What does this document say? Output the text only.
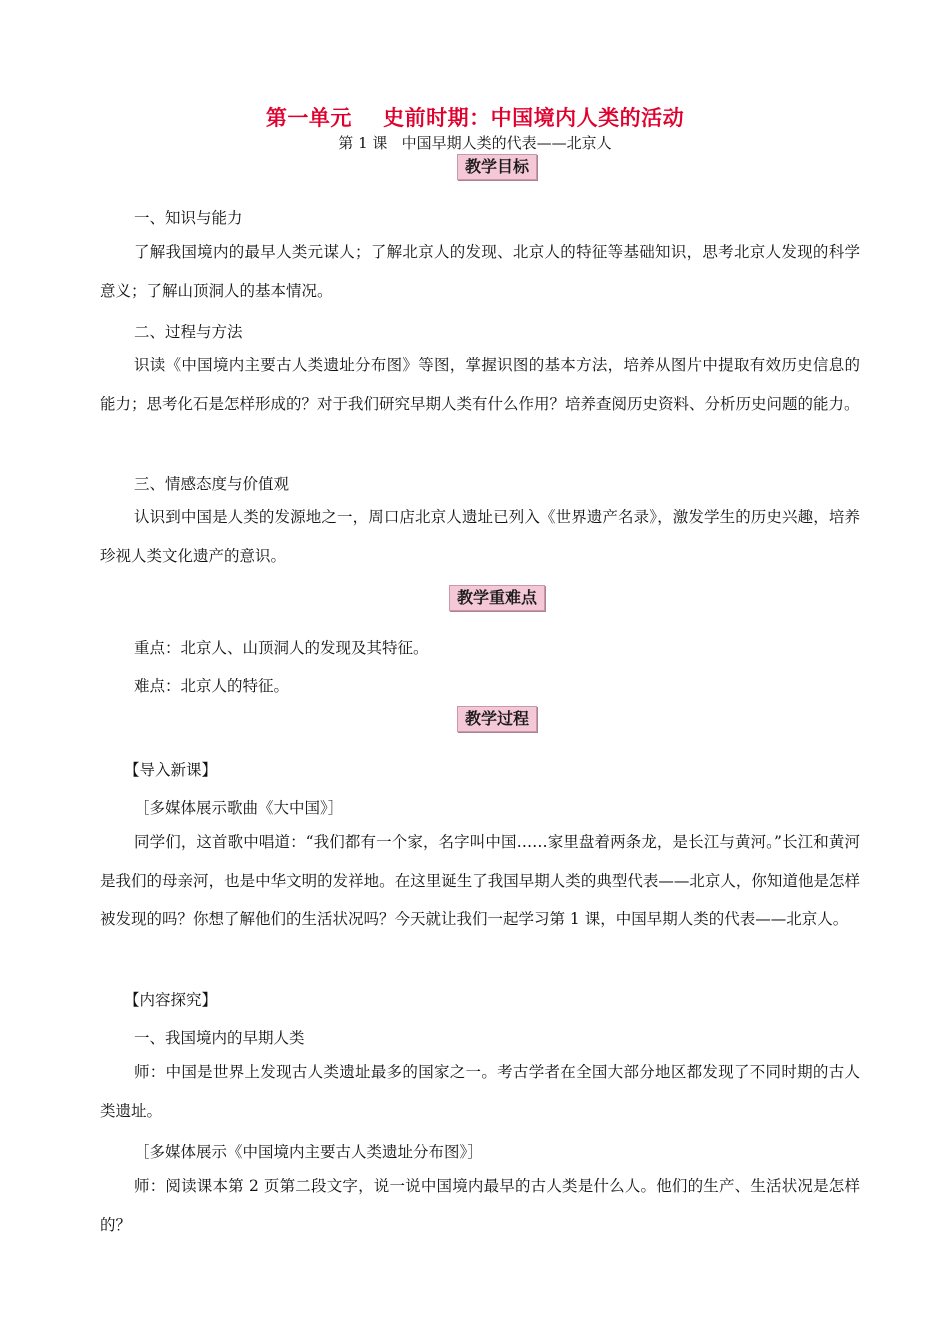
第一单元    史前时期：中国境内人类的活动
第 1 课   中国早期人类的代表——北京人
教学目标
一、知识与能力
了解我国境内的最早人类元谋人；了解北京人的发现、北京人的特征等基础知识，思考北京人发现的科学意义；了解山顶洞人的基本情况。
二、过程与方法
识读《中国境内主要古人类遗址分布图》等图，掌握识图的基本方法，培养从图片中提取有效历史信息的能力；思考化石是怎样形成的？对于我们研究早期人类有什么作用？培养查阅历史资料、分析历史问题的能力。
三、情感态度与价值观
认识到中国是人类的发源地之一，周口店北京人遗址已列入《世界遗产名录》，激发学生的历史兴趣，培养珍视人类文化遗产的意识。
教学重难点
重点：北京人、山顶洞人的发现及其特征。
难点：北京人的特征。
教学过程
【导入新课】
［多媒体展示歌曲《大中国》］
同学们，这首歌中唱道：“我们都有一个家，名字叫中国……家里盘着两条龙，是长江与黄河。”长江和黄河是我们的母亲河，也是中华文明的发祥地。在这里诞生了我国早期人类的典型代表——北京人，你知道他是怎样被发现的吗？你想了解他们的生活状况吗？今天就让我们一起学习第 1 课，中国早期人类的代表——北京人。
【内容探究】
一、我国境内的早期人类
师：中国是世界上发现古人类遗址最多的国家之一。考古学者在全国大部分地区都发现了不同时期的古人类遗址。
［多媒体展示《中国境内主要古人类遗址分布图》］
师：阅读课本第 2 页第二段文字，说一说中国境内最早的古人类是什么人。他们的生产、生活状况是怎样的？
